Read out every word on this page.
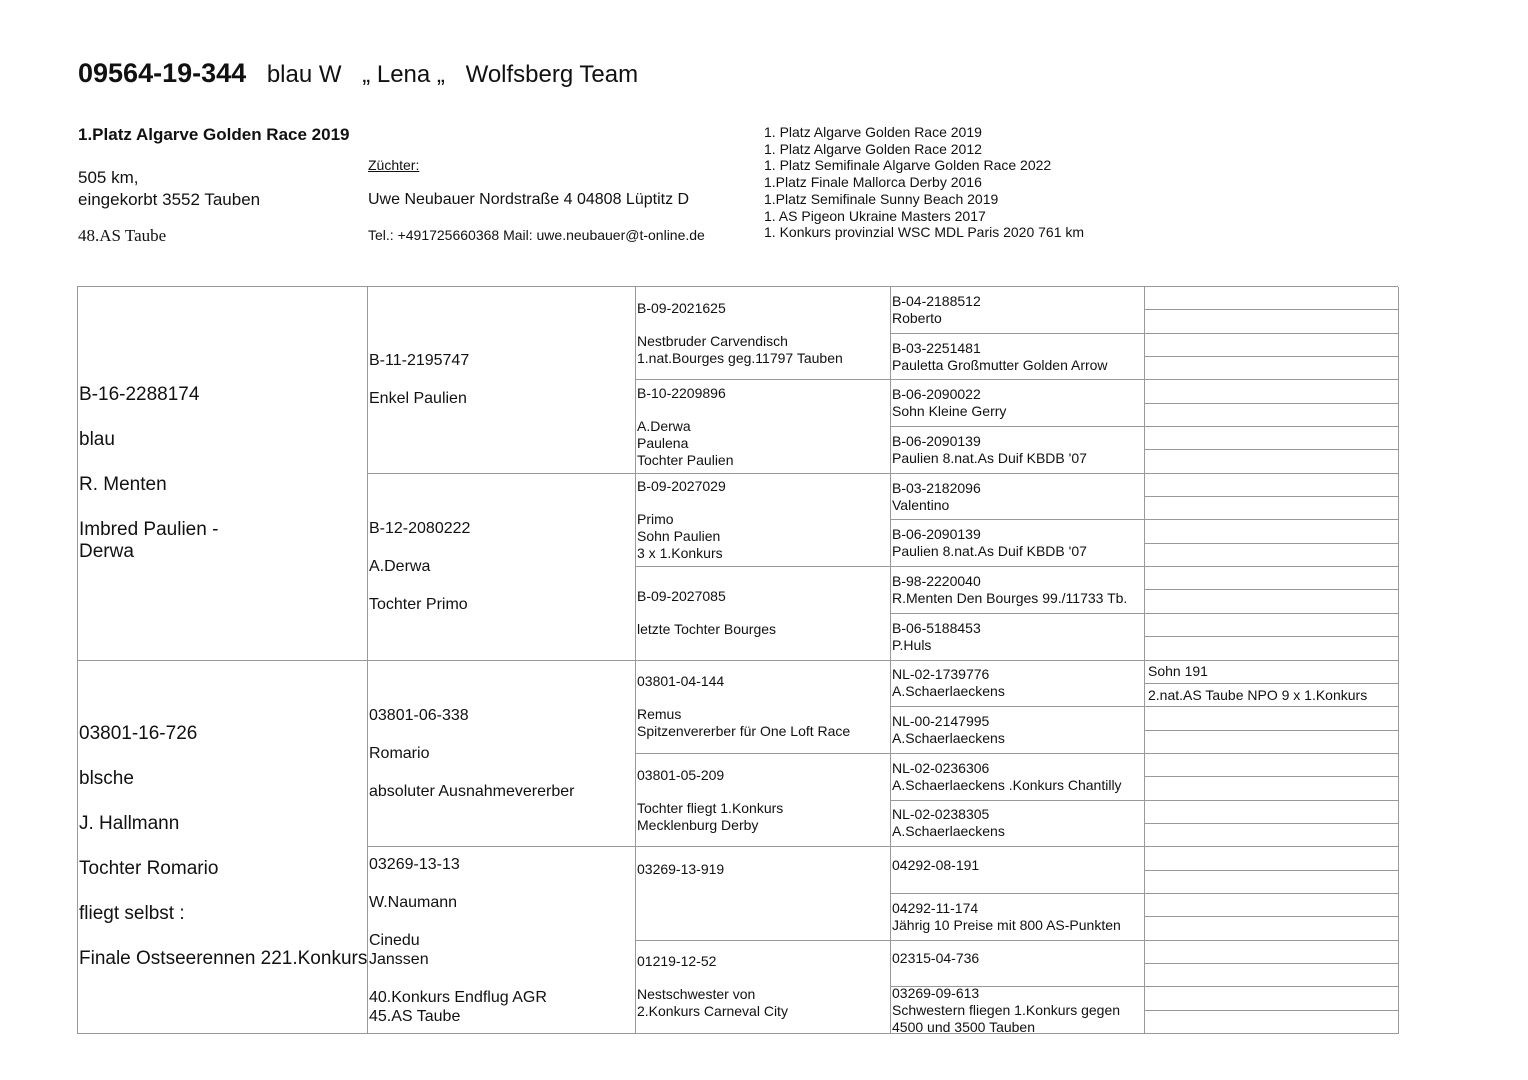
09564-19-344 blau W „ Lena „ Wolfsberg Team
1.Platz Algarve Golden Race 2019
505 km,
eingekorbt 3552 Tauben
48.AS Taube
Züchter:
Uwe Neubauer Nordstraße 4 04808 Lüptitz D
Tel.: +491725660368 Mail: uwe.neubauer@t-online.de
1. Platz Algarve Golden Race 2019
1. Platz Algarve Golden Race 2012
1. Platz Semifinale Algarve Golden Race 2022
1.Platz Finale Mallorca Derby 2016
1.Platz Semifinale Sunny Beach 2019
1. AS Pigeon Ukraine Masters 2017
1. Konkurs provinzial WSC MDL Paris 2020 761 km
B-16-2288174
blau
R. Menten
Imbred Paulien -
Derwa
03801-16-726
blsche
J. Hallmann
Tochter Romario
fliegt selbst :
Finale Ostseerennen 221.Konkurs
B-11-2195747
Enkel Paulien
B-12-2080222
A.Derwa
Tochter Primo
03801-06-338
Romario
absoluter Ausnahmevererber
03269-13-13
W.Naumann
Cinedu
Janssen
40.Konkurs Endflug AGR
45.AS Taube
B-09-2021625
Nestbruder Carvendisch
1.nat.Bourges geg.11797 Tauben
B-10-2209896
A.Derwa
Paulena
Tochter Paulien
B-09-2027029
Primo
Sohn Paulien
3 x 1.Konkurs
B-09-2027085
letzte Tochter Bourges
03801-04-144
Remus
Spitzenvererber für One Loft Race
03801-05-209
Tochter fliegt 1.Konkurs
Mecklenburg Derby
03269-13-919
01219-12-52
Nestschwester von
2.Konkurs Carneval City
B-04-2188512
Roberto
B-03-2251481
Pauletta Großmutter Golden Arrow
B-06-2090022
Sohn Kleine Gerry
B-06-2090139
Paulien 8.nat.As Duif KBDB '07
B-03-2182096
Valentino
B-06-2090139
Paulien 8.nat.As Duif KBDB '07
B-98-2220040
R.Menten Den Bourges 99./11733 Tb.
B-06-5188453
P.Huls
NL-02-1739776
A.Schaerlaeckens
NL-00-2147995
A.Schaerlaeckens
NL-02-0236306
A.Schaerlaeckens .Konkurs Chantilly
NL-02-0238305
A.Schaerlaeckens
04292-08-191
04292-11-174
Jährig 10 Preise mit 800 AS-Punkten
02315-04-736
03269-09-613
Schwestern fliegen 1.Konkurs gegen
4500 und 3500 Tauben
Sohn 191
2.nat.AS Taube NPO 9 x 1.Konkurs
